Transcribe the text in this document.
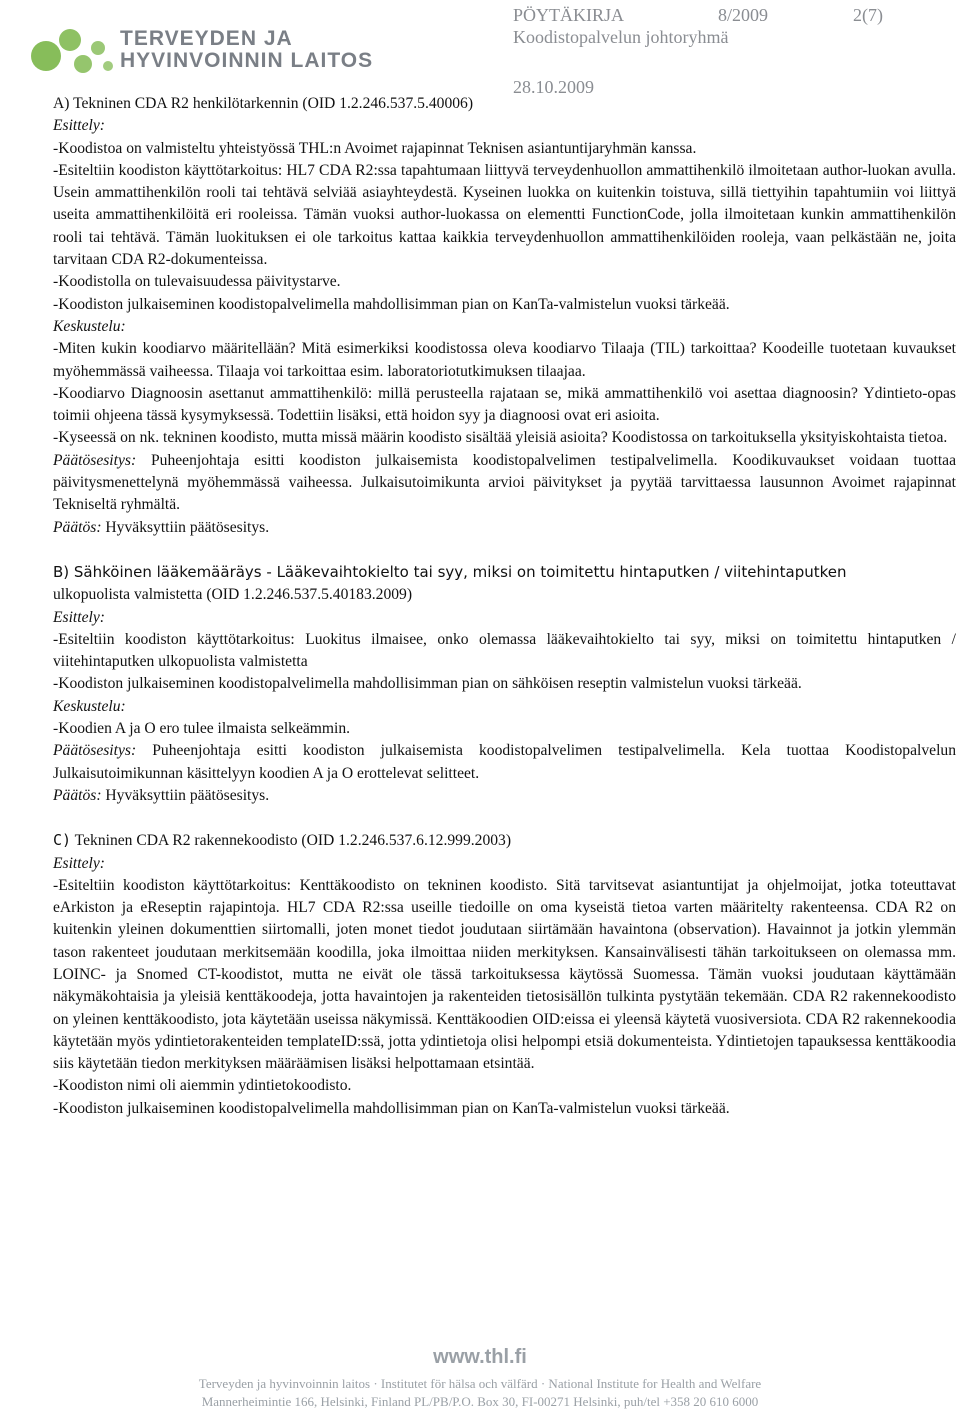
TERVEYDEN JA
HYVINVOINNIN LAITOS
PÖYTÄKIRJA	8/2009	2(7)
Koodistopalvelun johtoryhmä
28.10.2009

A) Tekninen CDA R2 henkilötarkennin (OID 1.2.246.537.5.40006)

Esittely:

-Koodistoa on valmisteltu yhteistyössä THL:n Avoimet rajapinnat Teknisen asiantuntijaryhmän kanssa.

-Esiteltiin koodiston käyttötarkoitus: HL7 CDA R2:ssa tapahtumaan liittyvä terveydenhuollon ammattihenkilö ilmoitetaan author-luokan avulla. Usein ammattihenkilön rooli tai tehtävä selviää asiayhteydestä. Kyseinen luokka on kuitenkin toistuva, sillä tiettyihin tapahtumiin voi liittyä useita ammattihenkilöitä eri rooleissa. Tämän vuoksi author-luokassa on elementti FunctionCode, jolla ilmoitetaan kunkin ammattihenkilön rooli tai tehtävä. Tämän luokituksen ei ole tarkoitus kattaa kaikkia terveydenhuollon ammattihenkilöiden rooleja, vaan pelkästään ne, joita tarvitaan CDA R2-dokumenteissa.

-Koodistolla on tulevaisuudessa päivitystarve.

-Koodiston julkaiseminen koodistopalvelimella mahdollisimman pian on KanTa-valmistelun vuoksi tärkeää.

Keskustelu:

-Miten kukin koodiarvo määritellään? Mitä esimerkiksi koodistossa oleva koodiarvo Tilaaja (TIL) tarkoittaa? Koodeille tuotetaan kuvaukset myöhemmässä vaiheessa. Tilaaja voi tarkoittaa esim. laboratoriotutkimuksen tilaajaa.

-Koodiarvo Diagnoosin asettanut ammattihenkilö: millä perusteella rajataan se, mikä ammattihenkilö voi asettaa diagnoosin? Ydintieto-opas toimii ohjeena tässä kysymyksessä. Todettiin lisäksi, että hoidon syy ja diagnoosi ovat eri asioita.

-Kyseessä on nk. tekninen koodisto, mutta missä määrin koodisto sisältää yleisiä asioita? Koodistossa on tarkoituksella yksityiskohtaista tietoa.

Päätösesitys: Puheenjohtaja esitti koodiston julkaisemista koodistopalvelimen testipalvelimella. Koodikuvaukset voidaan tuottaa päivitysmenettelynä myöhemmässä vaiheessa. Julkaisutoimikunta arvioi päivitykset ja pyytää tarvittaessa lausunnon Avoimet rajapinnat Tekniseltä ryhmältä.

Päätös: Hyväksyttiin päätösesitys.

B) Sähköinen lääkemääräys - Lääkevaihtokielto tai syy, miksi on toimitettu hintaputken / viitehintaputken
ulkopuolista valmistetta (OID 1.2.246.537.5.40183.2009)

Esittely:

-Esiteltiin koodiston käyttötarkoitus: Luokitus ilmaisee, onko olemassa lääkevaihtokielto tai syy, miksi on toimitettu hintaputken / viitehintaputken ulkopuolista valmistetta

-Koodiston julkaiseminen koodistopalvelimella mahdollisimman pian on sähköisen reseptin valmistelun vuoksi tärkeää.

Keskustelu:

-Koodien A ja O ero tulee ilmaista selkeämmin.

Päätösesitys: Puheenjohtaja esitti koodiston julkaisemista koodistopalvelimen testipalvelimella. Kela tuottaa Koodistopalvelun Julkaisutoimikunnan käsittelyyn koodien A ja O erottelevat selitteet.

Päätös: Hyväksyttiin päätösesitys.

C) Tekninen CDA R2 rakennekoodisto (OID 1.2.246.537.6.12.999.2003)

Esittely:

-Esiteltiin koodiston käyttötarkoitus: Kenttäkoodisto on tekninen koodisto. Sitä tarvitsevat asiantuntijat ja ohjelmoijat, jotka toteuttavat eArkiston ja eReseptin rajapintoja. HL7 CDA R2:ssa useille tiedoille on oma kyseistä tietoa varten määritelty rakenteensa. CDA R2 on kuitenkin yleinen dokumenttien siirtomalli, joten monet tiedot joudutaan siirtämään havaintona (observation). Havainnot ja jotkin ylemmän tason rakenteet joudutaan merkitsemään koodilla, joka ilmoittaa niiden merkityksen. Kansainvälisesti tähän tarkoitukseen on olemassa mm. LOINC- ja Snomed CT-koodistot, mutta ne eivät ole tässä tarkoituksessa käytössä Suomessa. Tämän vuoksi joudutaan käyttämään näkymäkohtaisia ja yleisiä kenttäkoodeja, jotta havaintojen ja rakenteiden tietosisällön tulkinta pystytään tekemään. CDA R2 rakennekoodisto on yleinen kenttäkoodisto, jota käytetään useissa näkymissä. Kenttäkoodien OID:eissa ei yleensä käytetä vuosiversiota. CDA R2 rakennekoodia käytetään myös ydintietorakenteiden templateID:ssä, jotta ydintietoja olisi helpompi etsiä dokumenteista. Ydintietojen tapauksessa kenttäkoodia siis käytetään tiedon merkityksen määräämisen lisäksi helpottamaan etsintää.

-Koodiston nimi oli aiemmin ydintietokoodisto.

-Koodiston julkaiseminen koodistopalvelimella mahdollisimman pian on KanTa-valmistelun vuoksi tärkeää.

www.thl.fi
Terveyden ja hyvinvoinnin laitos · Institutet för hälsa och välfärd · National Institute for Health and Welfare
Mannerheimintie 166, Helsinki, Finland PL/PB/P.O. Box 30, FI-00271 Helsinki, puh/tel +358 20 610 6000
